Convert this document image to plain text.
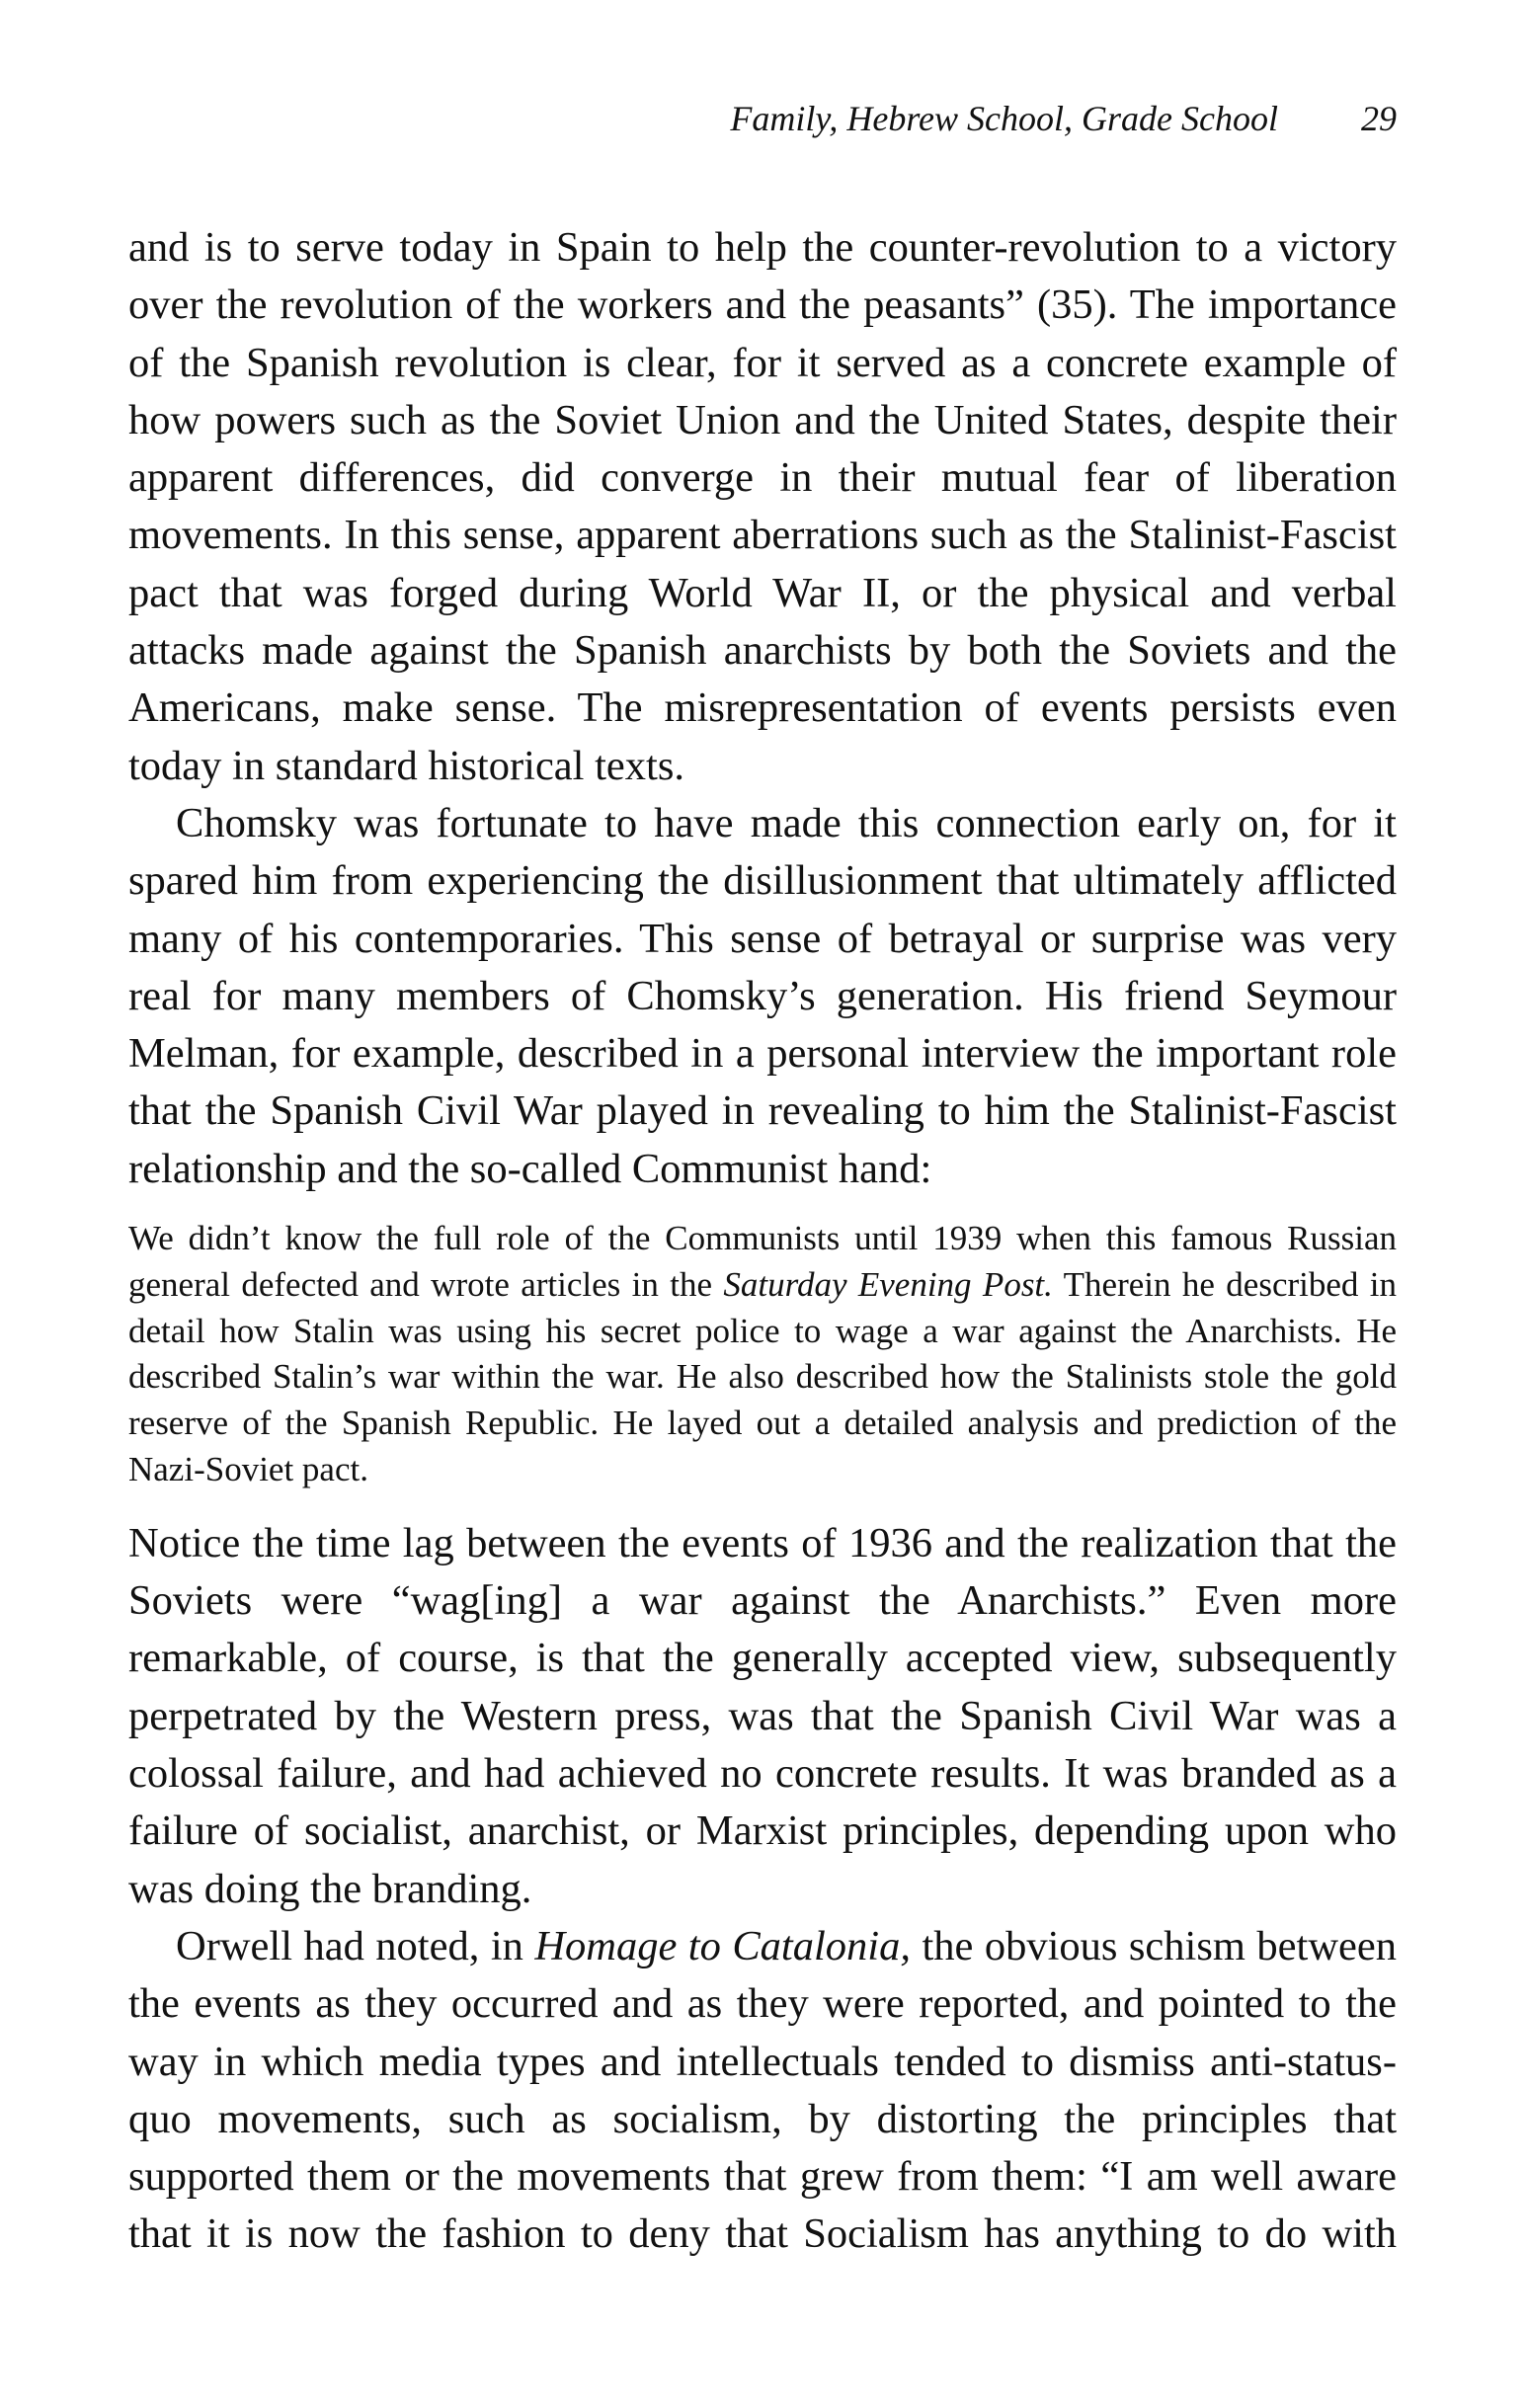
Family, Hebrew School, Grade School 29

and is to serve today in Spain to help the counter-revolution to a victory over the revolution of the workers and the peasants” (35). The importance of the Spanish revolution is clear, for it served as a concrete example of how powers such as the Soviet Union and the United States, despite their apparent differences, did converge in their mutual fear of liberation movements. In this sense, apparent aberrations such as the Stalinist-Fascist pact that was forged during World War II, or the physical and verbal attacks made against the Spanish anarchists by both the Soviets and the Americans, make sense. The misrepresentation of events persists even today in standard historical texts.

Chomsky was fortunate to have made this connection early on, for it spared him from experiencing the disillusionment that ultimately afflicted many of his contemporaries. This sense of betrayal or surprise was very real for many members of Chomsky’s generation. His friend Seymour Melman, for example, described in a personal interview the important role that the Spanish Civil War played in revealing to him the Stalinist-Fascist relationship and the so-called Communist hand:

We didn’t know the full role of the Communists until 1939 when this famous Russian general defected and wrote articles in the Saturday Evening Post. Therein he described in detail how Stalin was using his secret police to wage a war against the Anarchists. He described Stalin’s war within the war. He also described how the Stalinists stole the gold reserve of the Spanish Republic. He layed out a detailed analysis and prediction of the Nazi-Soviet pact.

Notice the time lag between the events of 1936 and the realization that the Soviets were “wag[ing] a war against the Anarchists.” Even more remarkable, of course, is that the generally accepted view, subsequently perpetrated by the Western press, was that the Spanish Civil War was a colossal failure, and had achieved no concrete results. It was branded as a failure of socialist, anarchist, or Marxist principles, depending upon who was doing the branding.

Orwell had noted, in Homage to Catalonia, the obvious schism between the events as they occurred and as they were reported, and pointed to the way in which media types and intellectuals tended to dismiss anti-status-quo movements, such as socialism, by distorting the principles that supported them or the movements that grew from them: “I am well aware that it is now the fashion to deny that Socialism has anything to do with
